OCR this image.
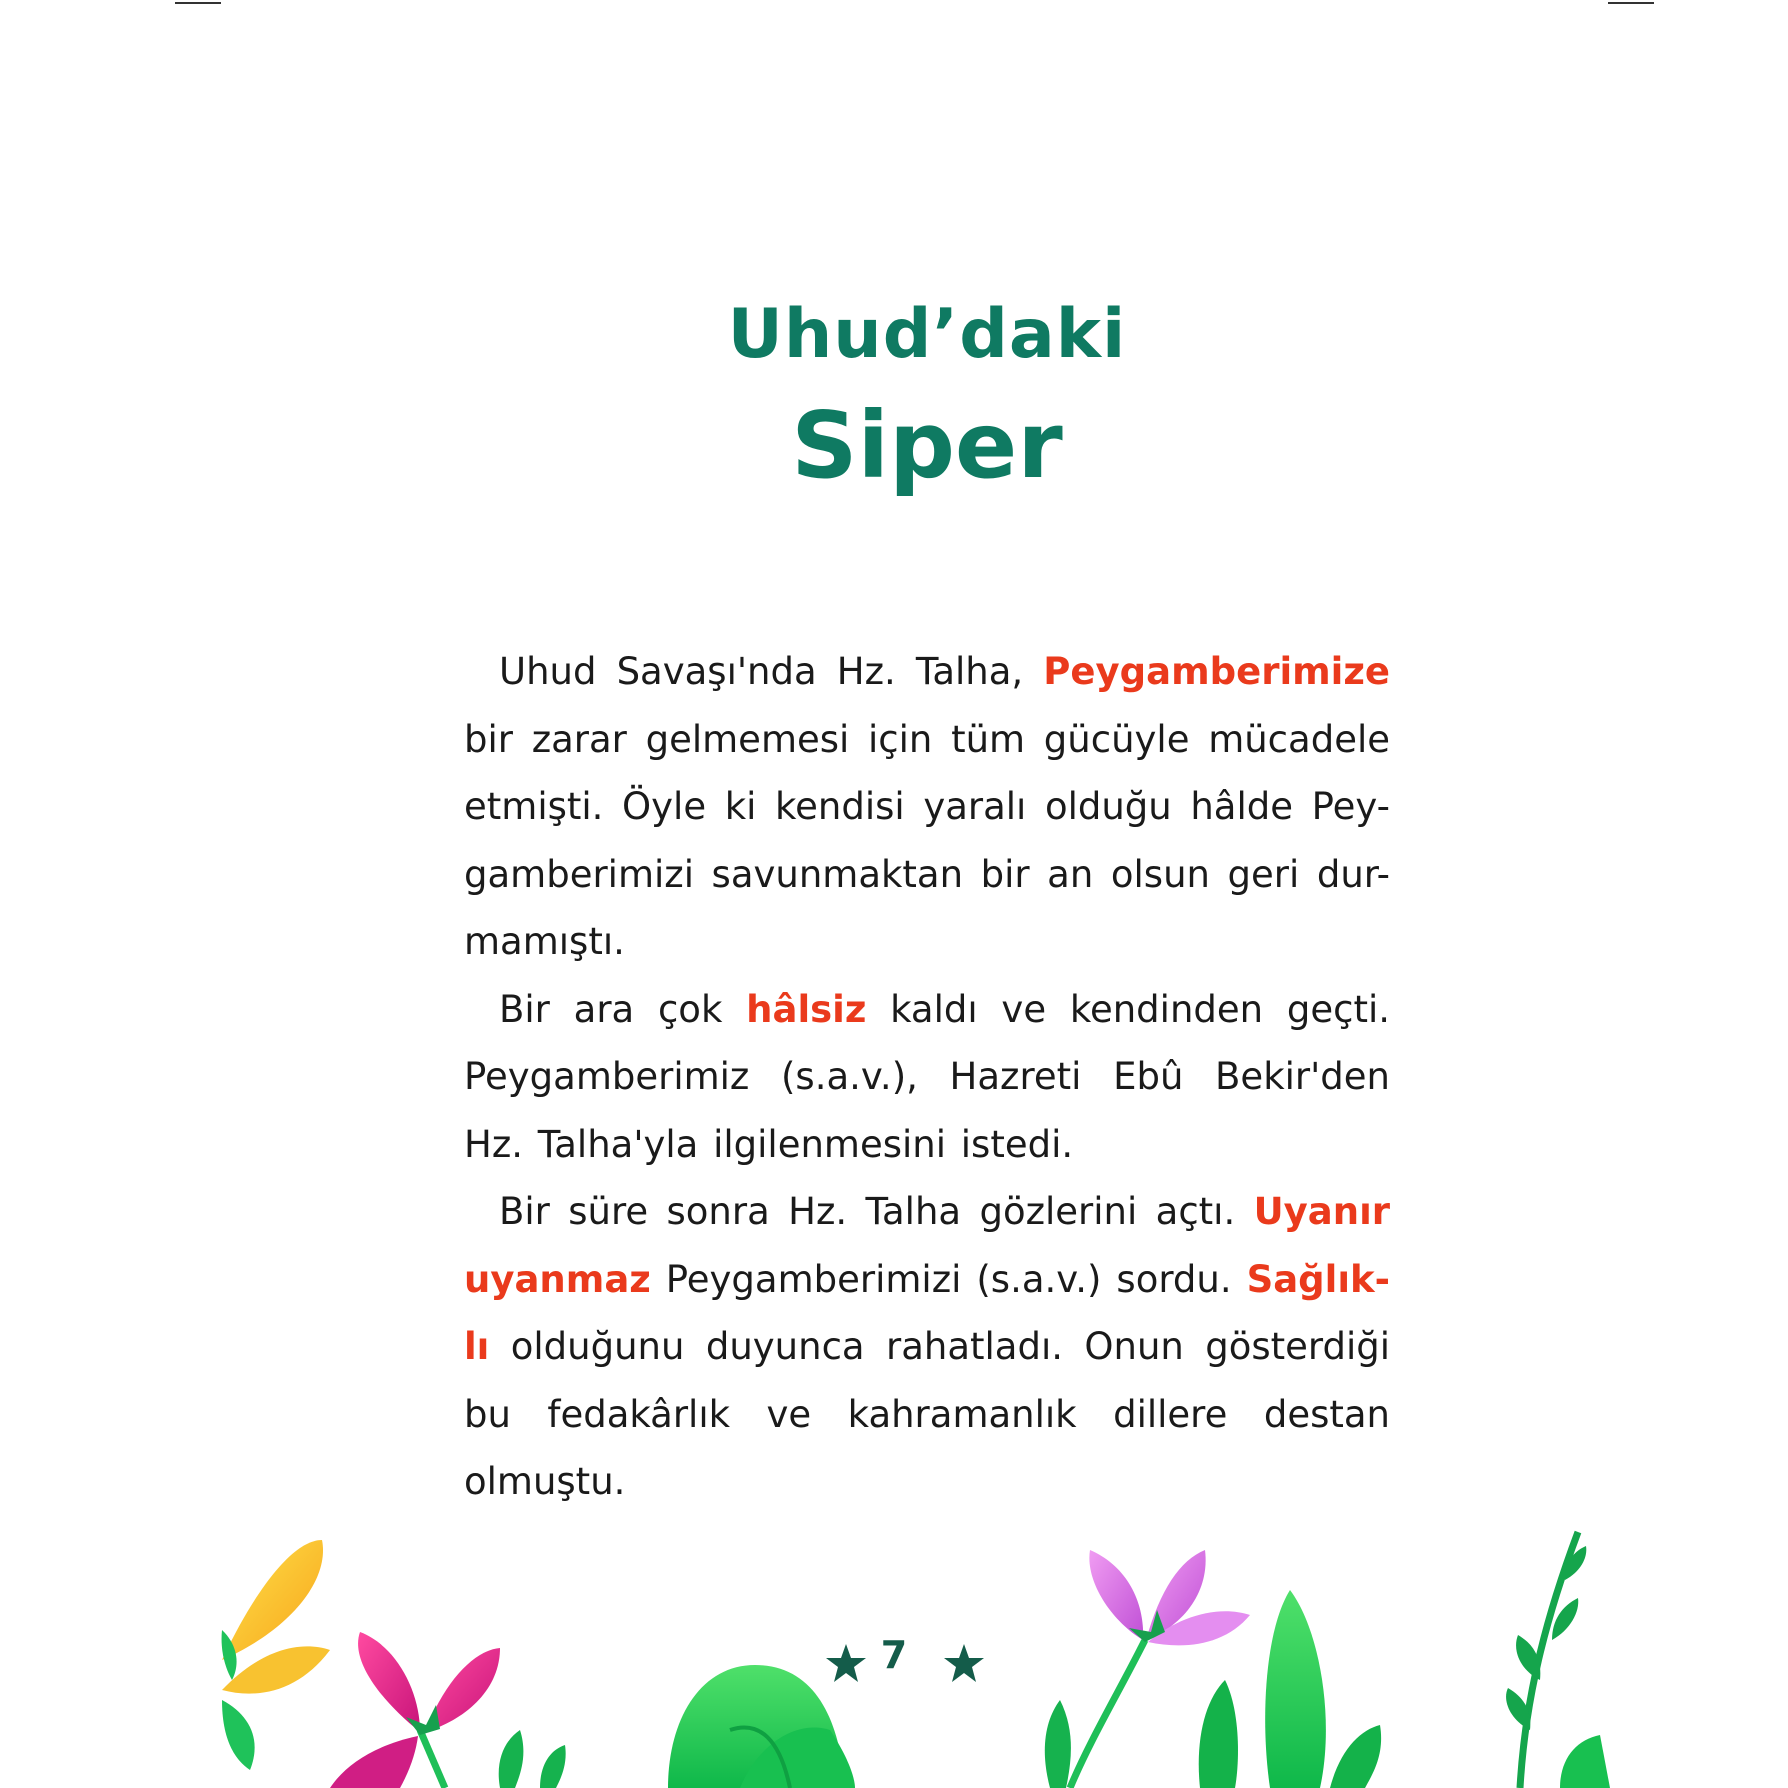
Uhud’daki
Siper

Uhud Savaşı'nda Hz. Talha, Peygamberimize bir zarar gelmemesi için tüm gücüyle mücadele etmişti. Öyle ki kendisi yaralı olduğu hâlde Pey-gamberimizi savunmaktan bir an olsun geri dur-mamıştı.

Bir ara çok hâlsiz kaldı ve kendinden geçti. Peygamberimiz (s.a.v.), Hazreti Ebû Bekir'den Hz. Talha'yla ilgilenmesini istedi.

Bir süre sonra Hz. Talha gözlerini açtı. Uyanır uyanmaz Peygamberimizi (s.a.v.) sordu. Sağlık-lı olduğunu duyunca rahatladı. Onun gösterdiği bu fedakârlık ve kahramanlık dillere destan olmuştu.

7
